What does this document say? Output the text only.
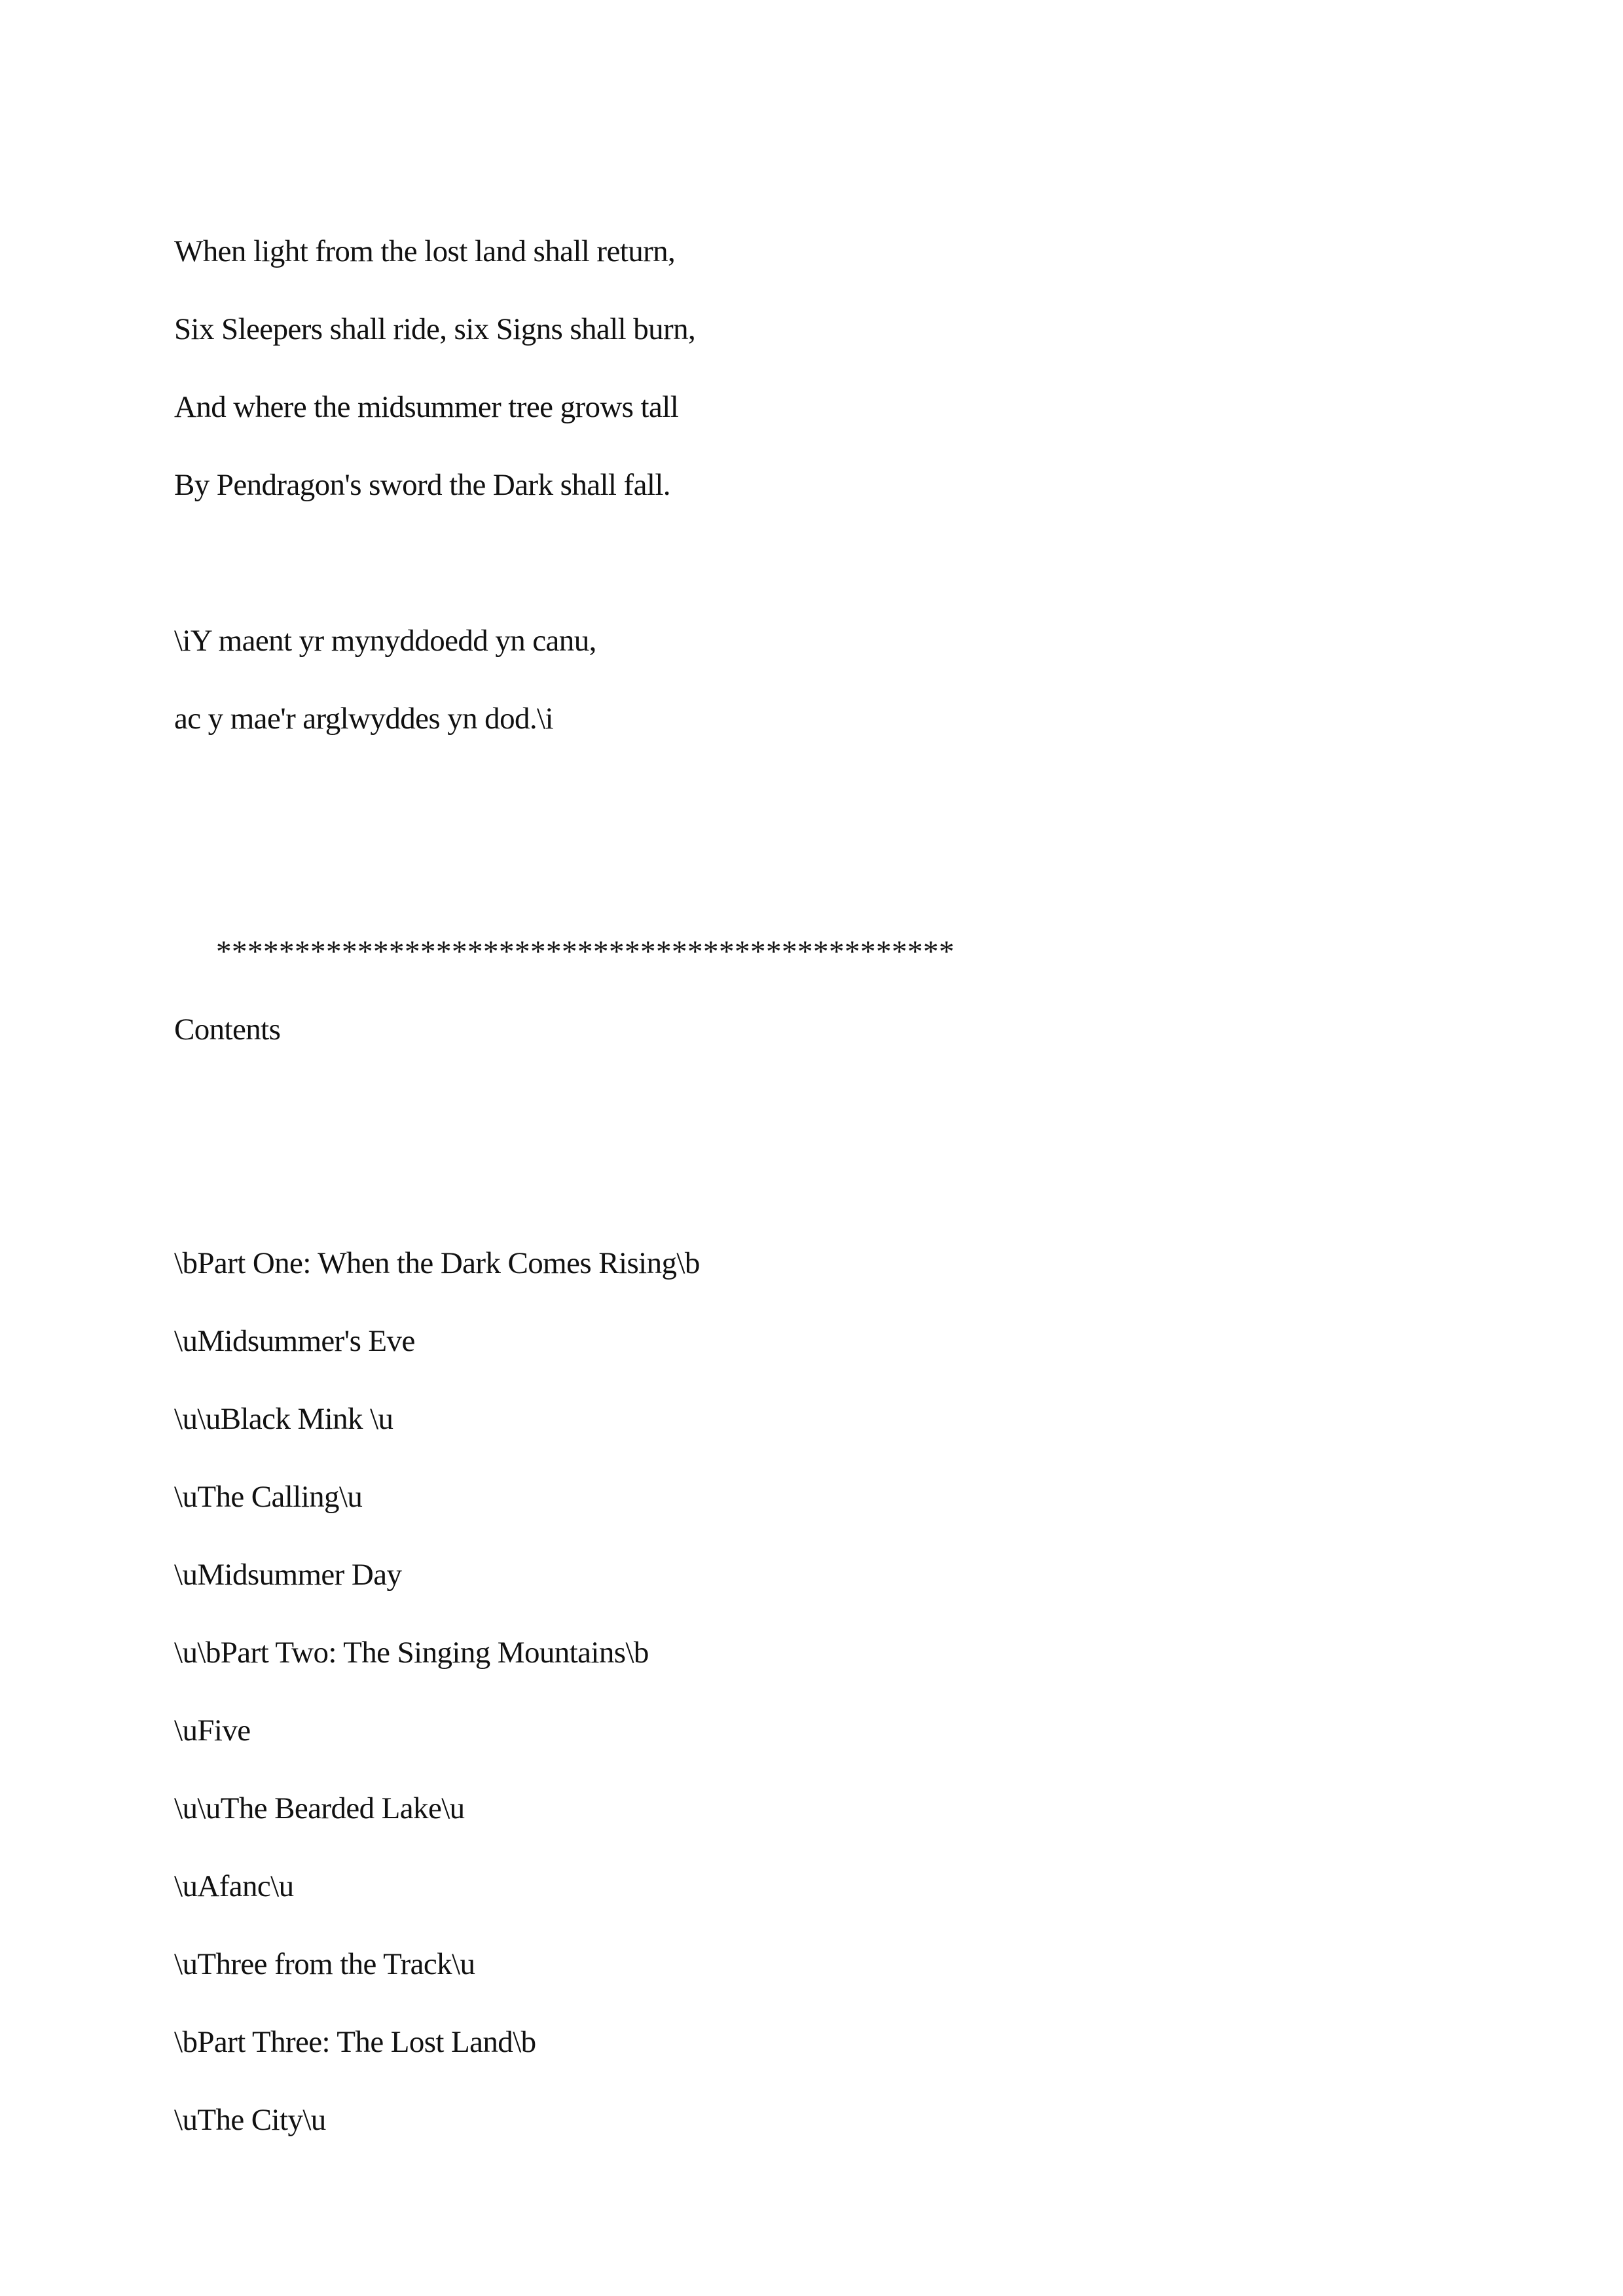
When light from the lost land shall return,

Six Sleepers shall ride, six Signs shall burn,

And where the midsummer tree grows tall

By Pendragon's sword the Dark shall fall.

\iY maent yr mynyddoedd yn canu,

ac y mae'r arglwyddes yn dod.\i

***********************************************

Contents

\bPart One: When the Dark Comes Rising\b

\uMidsummer's Eve

\u\uBlack Mink \u

\uThe Calling\u

\uMidsummer Day

\u\bPart Two: The Singing Mountains\b

\uFive

\u\uThe Bearded Lake\u

\uAfanc\u

\uThree from the Track\u

\bPart Three: The Lost Land\b

\uThe City\u
